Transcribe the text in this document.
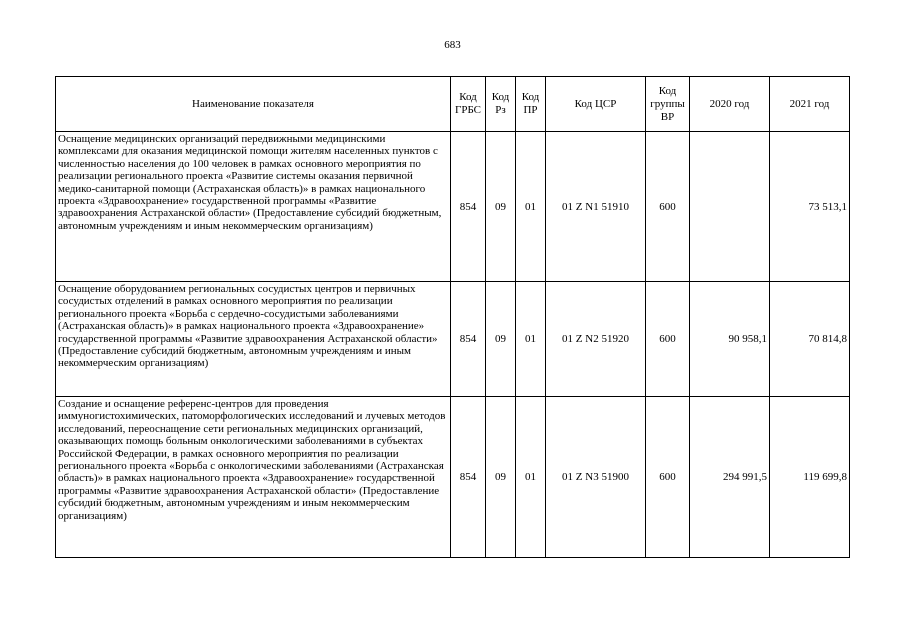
683
Наименование показателя	Код ГРБС	Код Рз	Код ПР	Код ЦСР	Код группы ВР	2020 год	2021 год
Оснащение медицинских организаций передвижными медицинскими комплексами для оказания медицинской помощи жителям населенных пунктов с численностью населения до 100 человек в рамках основного мероприятия по реализации регионального проекта «Развитие системы оказания первичной медико-санитарной помощи (Астраханская область)» в рамках национального проекта «Здравоохранение» государственной программы «Развитие здравоохранения Астраханской области» (Предоставление субсидий бюджетным, автономным учреждениям и иным некоммерческим организациям)	854	09	01	01 Z N1 51910	600		73 513,1
Оснащение оборудованием региональных сосудистых центров и первичных сосудистых отделений в рамках основного мероприятия по реализации регионального проекта «Борьба с сердечно-сосудистыми заболеваниями (Астраханская область)» в рамках национального проекта «Здравоохранение» государственной программы «Развитие здравоохранения Астраханской области» (Предоставление субсидий бюджетным, автономным учреждениям и иным некоммерческим организациям)	854	09	01	01 Z N2 51920	600	90 958,1	70 814,8
Создание и оснащение референс-центров для проведения иммуногистохимических, патоморфологических исследований и лучевых методов исследований, переоснащение сети региональных медицинских организаций, оказывающих помощь больным онкологическими заболеваниями в субъектах Российской Федерации, в рамках основного мероприятия по реализации регионального проекта «Борьба с онкологическими заболеваниями (Астраханская область)» в рамках национального проекта «Здравоохранение» государственной программы «Развитие здравоохранения Астраханской области» (Предоставление субсидий бюджетным, автономным учреждениям и иным некоммерческим организациям)	854	09	01	01 Z N3 51900	600	294 991,5	119 699,8
